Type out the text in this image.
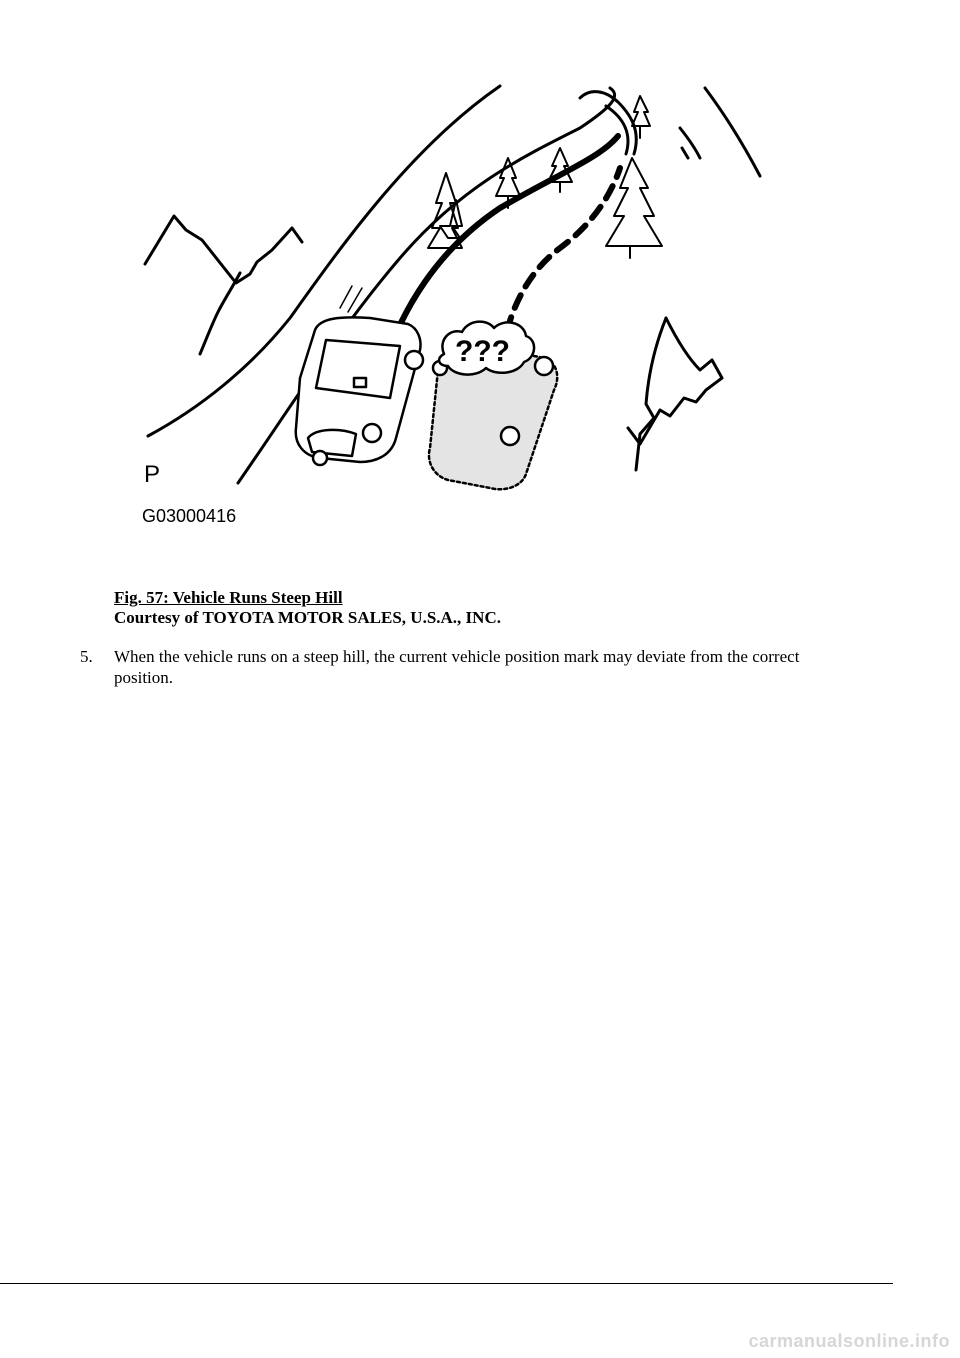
???
P
G03000416
Fig. 57: Vehicle Runs Steep Hill
Courtesy of TOYOTA MOTOR SALES, U.S.A., INC.
5. When the vehicle runs on a steep hill, the current vehicle position mark may deviate from the correct position.
carmanualsonline.info
